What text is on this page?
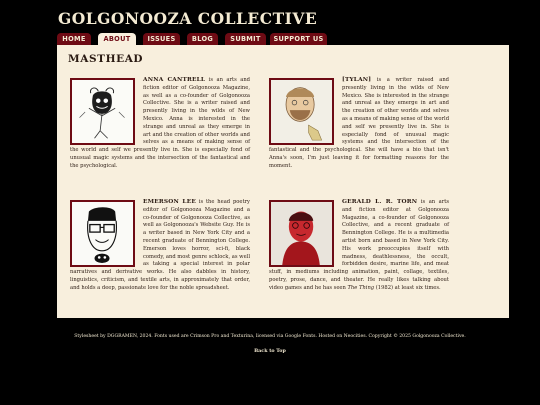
GOLGONOOZA COLLECTIVE
HOME	ABOUT	ISSUES	BLOG	SUBMIT	SUPPORT US
MASTHEAD
ANNA CANTRELL is an arts and fiction editor of Golgonooza Magazine, as well as a co-founder of Golgonooza Collective. She is a writer raised and presently living in the wilds of New Mexico. Anna is interested in the strange and unreal as they emerge in art and the creation of other worlds and selves as a means of making sense of the world and self we presently live in. She is especially fond of unusual magic systems and the intersection of the fantastical and the psychological.
[TYLAN] is a writer raised and presently living in the wilds of New Mexico. She is interested in the strange and unreal as they emerge in art and the creation of other worlds and selves as a means of making sense of the world and self we presently live in. She is especially fond of unusual magic systems and the intersection of the fantastical and the psychological. She will have a bio that isn't Anna's soon, I'm just leaving it for formatting reasons for the moment.
EMERSON LEE is the head poetry editor of Golgonooza Magazine and a co-founder of Golgonooza Collective, as well as Golgonooza's Website Guy. He is a writer based in New York City and a recent graduate of Bennington College. Emerson loves horror, sci-fi, black comedy, and most genre schlock, as well as taking a special interest in polar narratives and derivative works. He also dabbles in history, linguistics, criticism, and textile arts, in approximately that order, and holds a deep, passionate love for the noble spreadsheet.
GERALD L. R. TORN is an arts and fiction editor at Golgonooza Magazine, a co-founder of Golgonooza Collective, and a recent graduate of Bennington College. He is a multimedia artist born and based in New York City. His work preoccupies itself with madness, deathlessness, the occult, forbidden desire, marine life, and meat stuff, in mediums including animation, paint, collage, textiles, poetry, prose, dance, and theater. He really likes talking about video games and he has seen The Thing (1982) at least six times.
Stylesheet by DGGRAMEN, 2024. Fonts used are Crimson Pro and Texturina, licensed via Google Fonts. Hosted on Neocities. Copyright © 2025 Golgonooza Collective.
Back to Top
